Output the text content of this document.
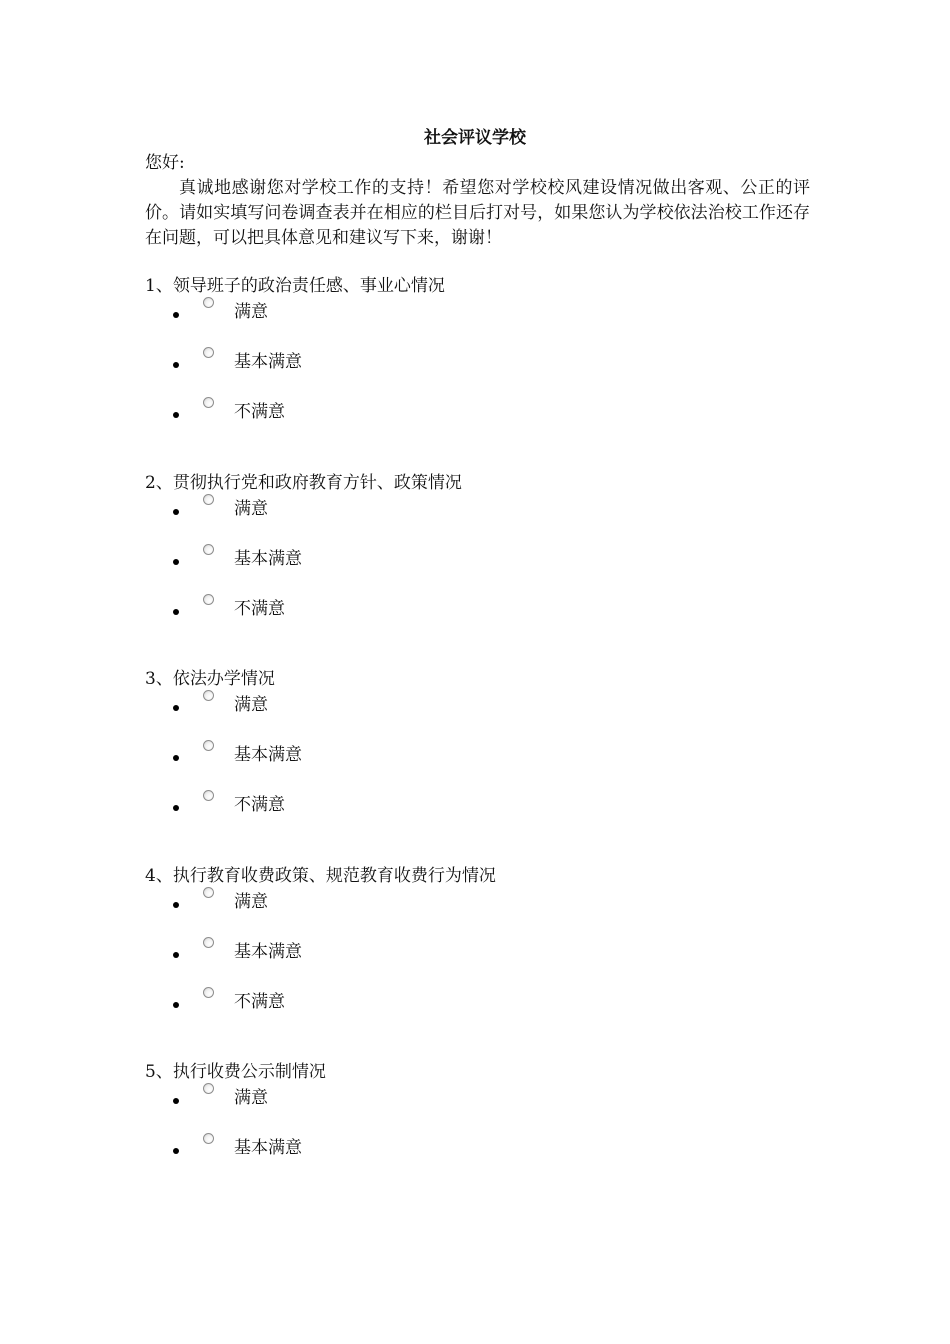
社会评议学校
您好:
真诚地感谢您对学校工作的支持！希望您对学校校风建设情况做出客观、公正的评价。请如实填写问卷调查表并在相应的栏目后打对号，如果您认为学校依法治校工作还存在问题，可以把具体意见和建议写下来，谢谢！
1、领导班子的政治责任感、事业心情况
满意
基本满意
不满意
2、贯彻执行党和政府教育方针、政策情况
满意
基本满意
不满意
3、依法办学情况
满意
基本满意
不满意
4、执行教育收费政策、规范教育收费行为情况
满意
基本满意
不满意
5、执行收费公示制情况
满意
基本满意
